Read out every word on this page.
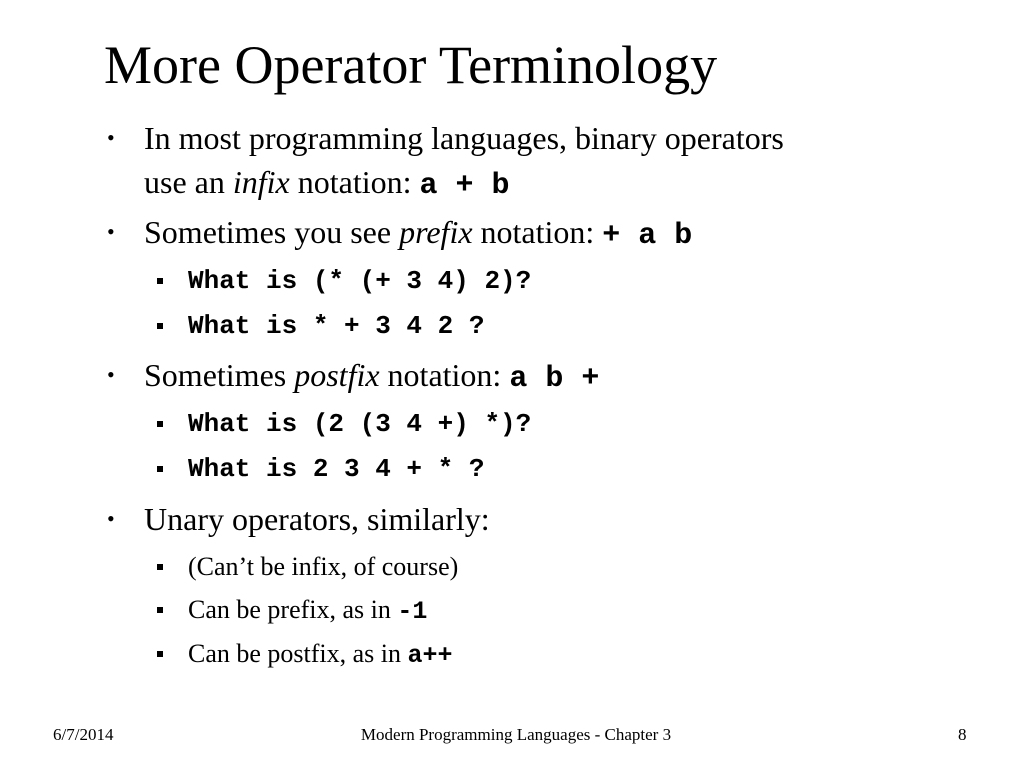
More Operator Terminology
• In most programming languages, binary operators
use an infix notation: a + b
• Sometimes you see prefix notation: + a b
What is (* (+ 3 4) 2)?
What is * + 3 4 2 ?
• Sometimes postfix notation: a b +
What is (2 (3 4 +) *)?
What is 2 3 4 + * ?
• Unary operators, similarly:
(Can’t be infix, of course)
Can be prefix, as in -1
Can be postfix, as in a++
6/7/2014	Modern Programming Languages - Chapter 3	8
